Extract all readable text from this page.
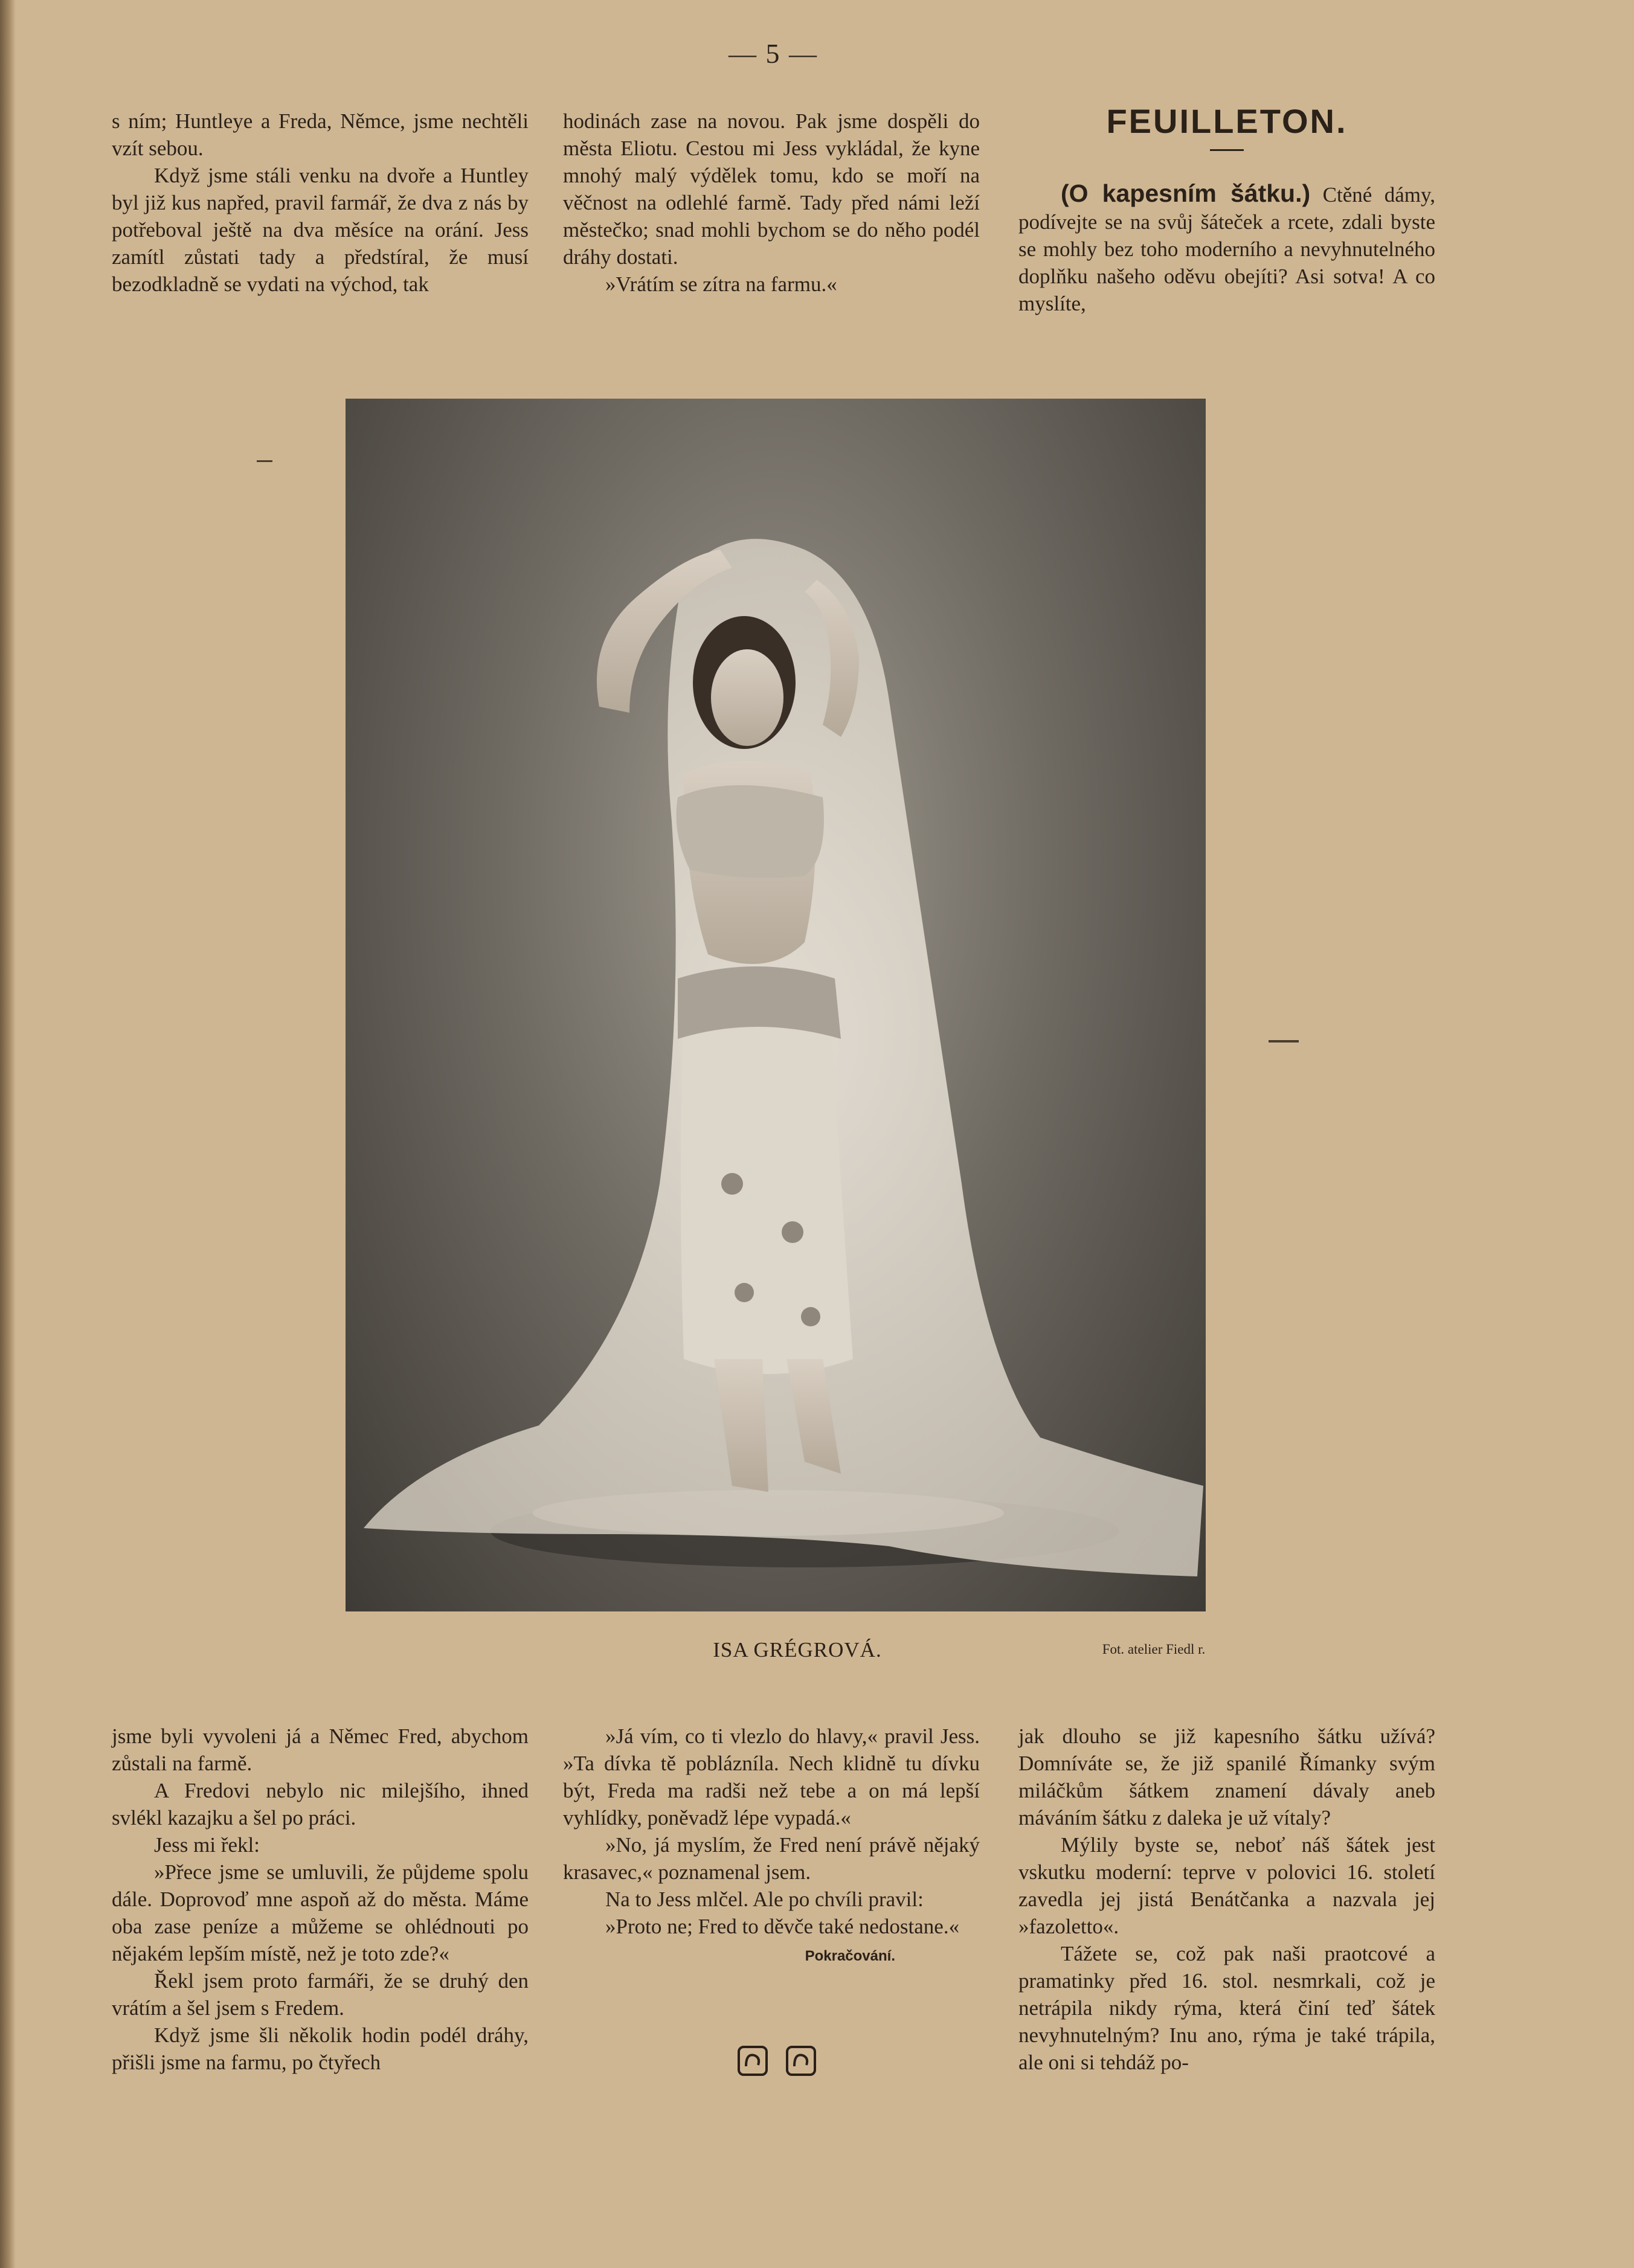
— 5 —

s ním; Huntleye a Freda, Němce, jsme nechtěli vzít sebou.

Když jsme stáli venku na dvoře a Huntley byl již kus napřed, pravil farmář, že dva z nás by potřeboval ještě na dva měsíce na orání. Jess zamítl zůstati tady a předstíral, že musí bezodkladně se vydati na východ, tak

hodinách zase na novou. Pak jsme dospěli do města Eliotu. Cestou mi Jess vykládal, že kyne mnohý malý výdělek tomu, kdo se moří na věčnost na odlehlé farmě. Tady před námi leží městečko; snad mohli bychom se do něho podél dráhy dostati.

»Vrátím se zítra na farmu.«

FEUILLETON.

(O kapesním šátku.) Ctěné dámy, podívejte se na svůj šáteček a rcete, zdali byste se mohly bez toho moderního a nevyhnutelného doplňku našeho oděvu obejíti? Asi sotva! A co myslíte,

ISA GRÉGROVÁ.	Fot. atelier Fiedl r.

jsme byli vyvoleni já a Němec Fred, abychom zůstali na farmě.

A Fredovi nebylo nic milejšího, ihned svlékl kazajku a šel po práci.

Jess mi řekl:

»Přece jsme se umluvili, že půjdeme spolu dále. Doprovoď mne aspoň až do města. Máme oba zase peníze a můžeme se ohlédnouti po nějakém lepším místě, než je toto zde?«

Řekl jsem proto farmáři, že se druhý den vrátím a šel jsem s Fredem.

Když jsme šli několik hodin podél dráhy, přišli jsme na farmu, po čtyřech

»Já vím, co ti vlezlo do hlavy,« pravil Jess. »Ta dívka tě poblázníla. Nech klidně tu dívku být, Freda ma radši než tebe a on má lepší vyhlídky, poněvadž lépe vypadá.«

»No, já myslím, že Fred není právě nějaký krasavec,« poznamenal jsem.

Na to Jess mlčel. Ale po chvíli pravil:

»Proto ne; Fred to děvče také nedostane.«

Pokračování.

jak dlouho se již kapesního šátku užívá? Domníváte se, že již spanilé Římanky svým miláčkům šátkem znamení dávaly aneb máváním šátku z daleka je už vítaly?

Mýlily byste se, neboť náš šátek jest vskutku moderní: teprve v polovici 16. století zavedla jej jistá Benátčanka a nazvala jej »fazoletto«.

Tážete se, což pak naši praotcové a pramatinky před 16. stol. nesmrkali, což je netrápila nikdy rýma, která činí teď šátek nevyhnutelným? Inu ano, rýma je také trápila, ale oni si tehdáž po-
